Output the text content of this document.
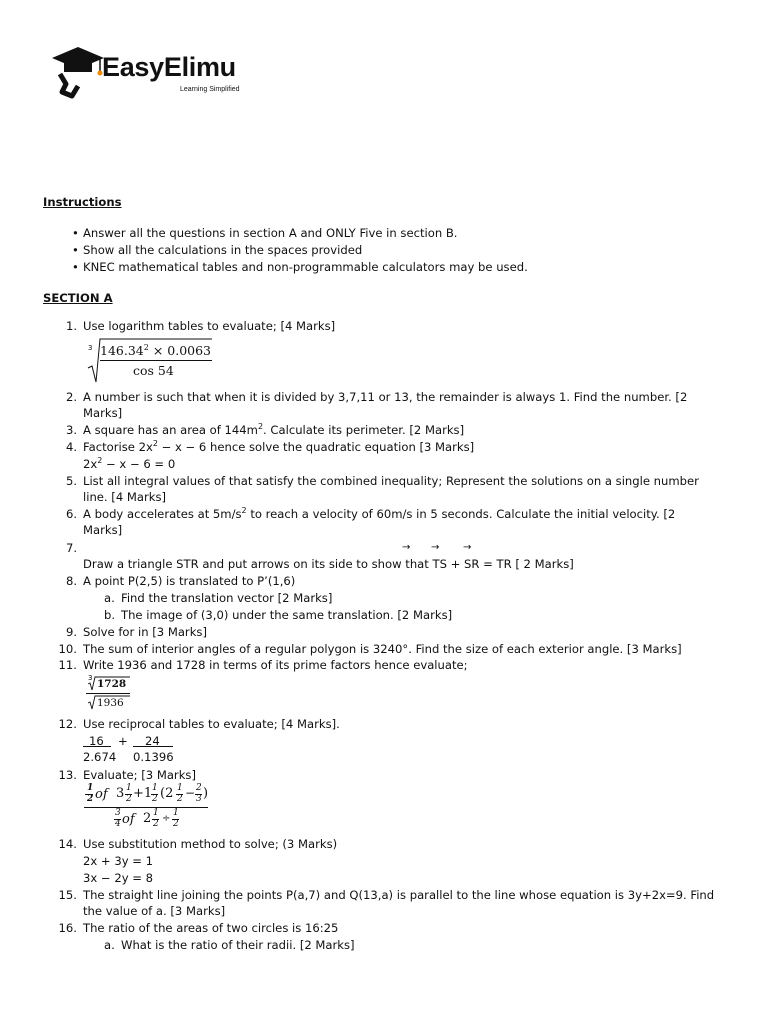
EasyElimu
Learning Simplified
Instructions
• Answer all the questions in section A and ONLY Five in section B.
• Show all the calculations in the spaces provided
• KNEC mathematical tables and non-programmable calculators may be used.
SECTION A
1. Use logarithm tables to evaluate; [4 Marks]
3 $146.34^2 \times 0.0063$
cos 54
2. A number is such that when it is divided by 3,7,11 or 13, the remainder is always 1. Find the number. [2
Marks]
3. A square has an area of $144m^2$. Calculate its perimeter. [2 Marks]
4. Factorise $2x^2 - x - 6$ hence solve the quadratic equation [3 Marks]
$2x^2 - x - 6 = 0$
5. List all integral values of that satisfy the combined inequality; Represent the solutions on a single number
line. [4 Marks]
6. A body accelerates at $5m/s^2$ to reach a velocity of 60m/s in 5 seconds. Calculate the initial velocity. [2
Marks]
7.	→ → →
Draw a triangle STR and put arrows on its side to show that TS + SR = TR [ 2 Marks]
8. A point P(2,5) is translated to P’(1,6)
a. Find the translation vector [2 Marks]
b. The image of (3,0) under the same translation. [2 Marks]
9. Solve for in [3 Marks]
10. The sum of interior angles of a regular polygon is 3240°. Find the size of each exterior angle. [3 Marks]
11. Write 1936 and 1728 in terms of its prime factors hence evaluate;
3 1728
1936
12. Use reciprocal tables to evaluate; [4 Marks].
16 + 24
2.674 0.1396
13. Evaluate; [3 Marks]
1
2 of 3 1
2 +1 1
2 (2 1
2 − 2
3 )
3
4 of 2 1
2 ÷ 1
2
14. Use substitution method to solve; (3 Marks)
2x + 3y = 1
3x − 2y = 8
15. The straight line joining the points P(a,7) and Q(13,a) is parallel to the line whose equation is 3y+2x=9. Find
the value of a. [3 Marks]
16. The ratio of the areas of two circles is 16:25
a. What is the ratio of their radii. [2 Marks]
